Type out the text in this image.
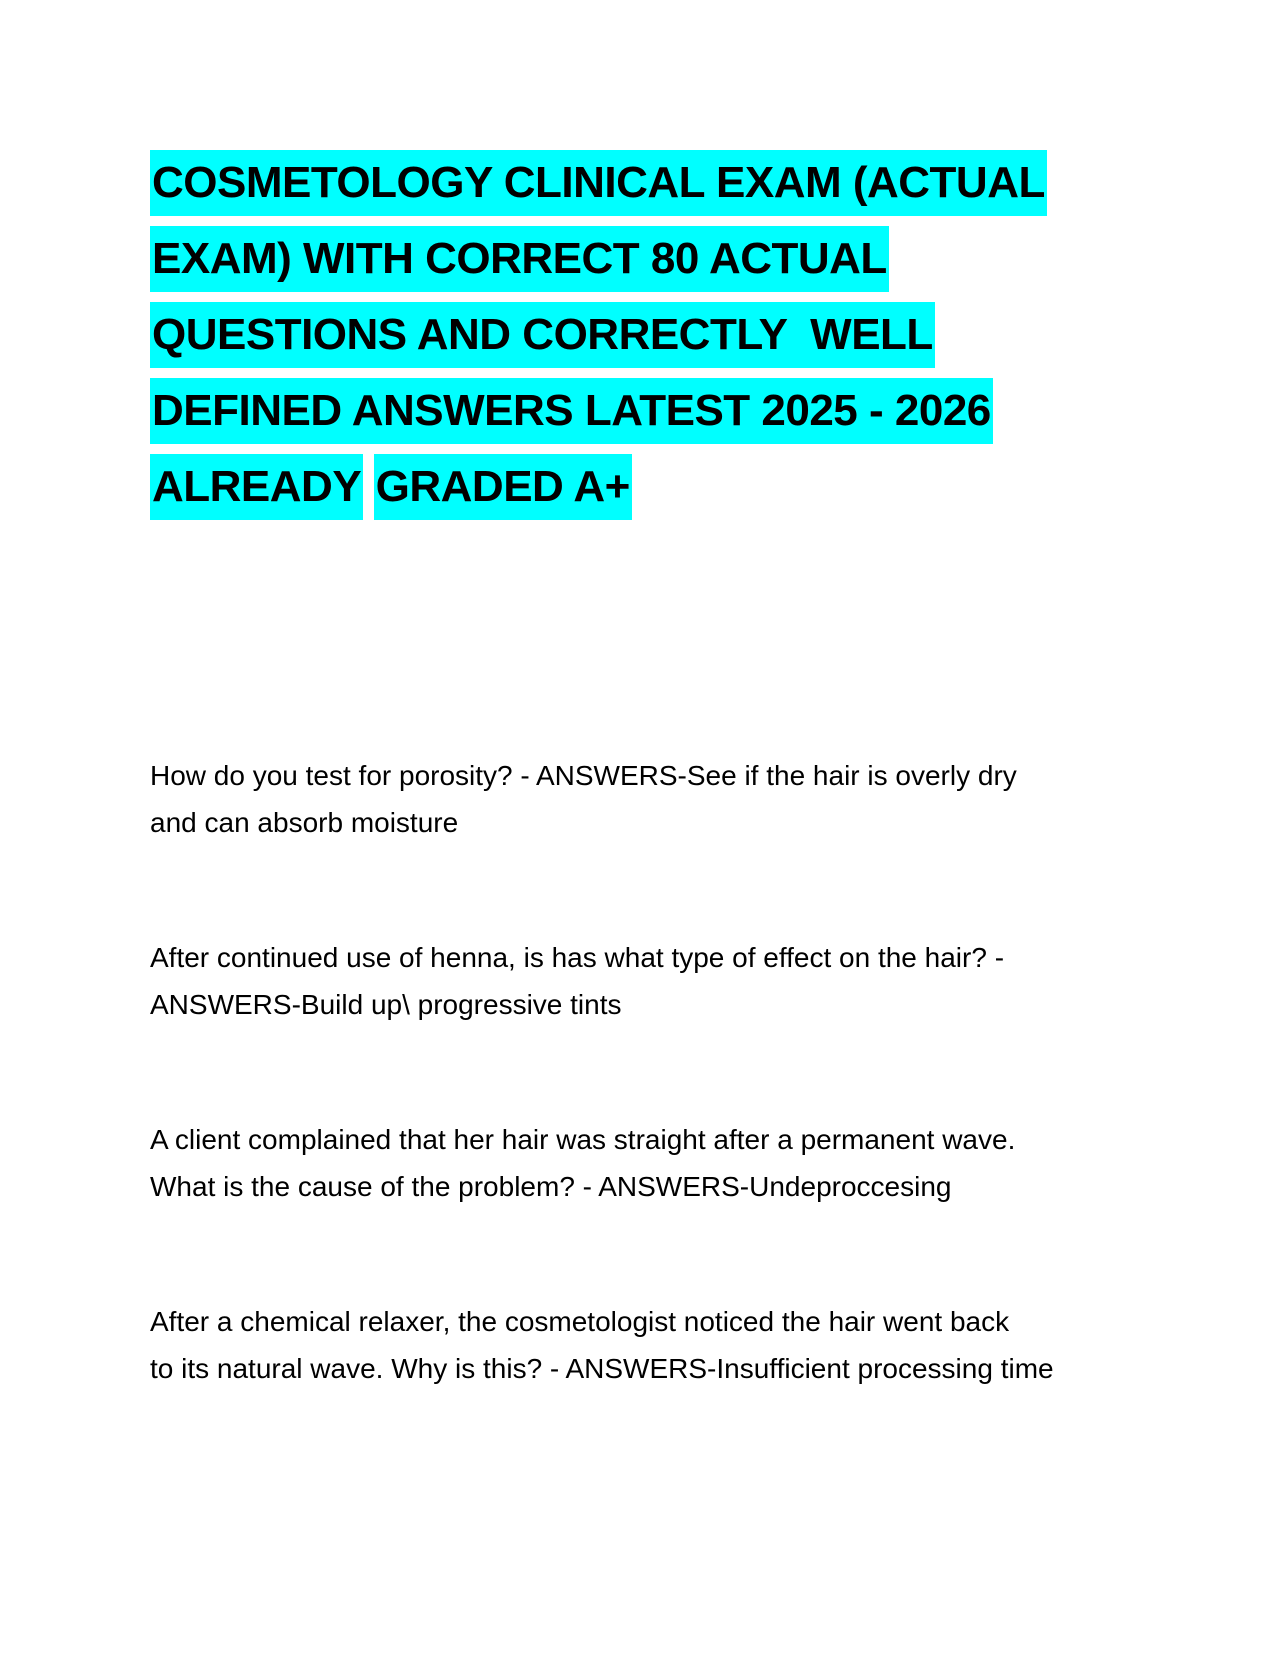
COSMETOLOGY CLINICAL EXAM (ACTUAL
EXAM) WITH CORRECT 80 ACTUAL
QUESTIONS AND CORRECTLY  WELL
DEFINED ANSWERS LATEST 2025 - 2026
ALREADY GRADED A+

How do you test for porosity? - ANSWERS-See if the hair is overly dry
and can absorb moisture

After continued use of henna, is has what type of effect on the hair? -
ANSWERS-Build up\ progressive tints

A client complained that her hair was straight after a permanent wave.
What is the cause of the problem? - ANSWERS-Undeproccesing

After a chemical relaxer, the cosmetologist noticed the hair went back
to its natural wave. Why is this? - ANSWERS-Insufficient processing time
